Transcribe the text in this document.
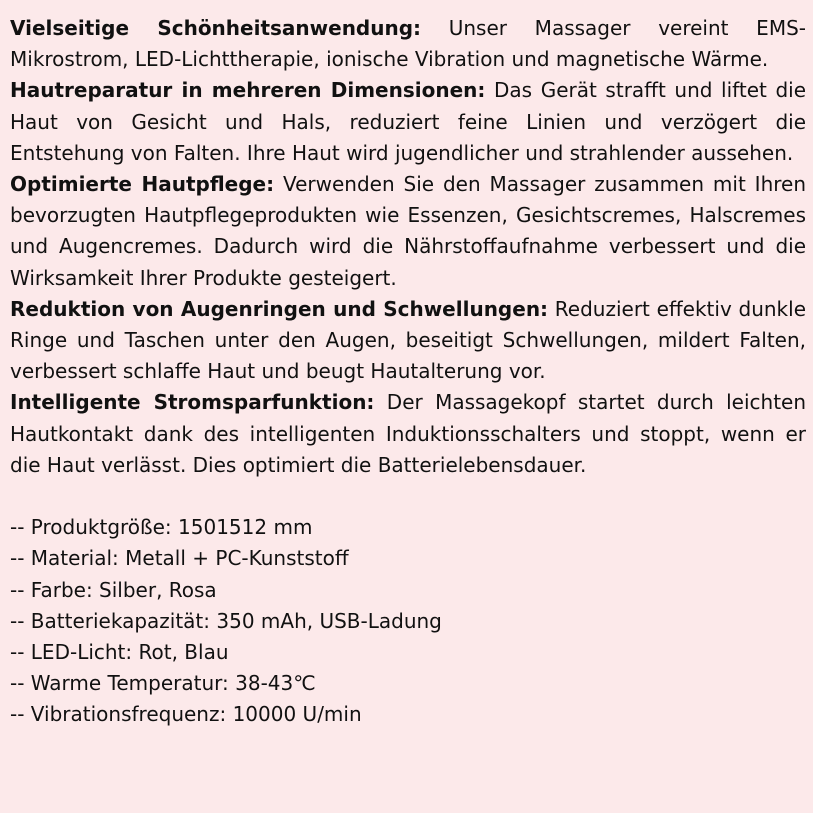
Vielseitige Schönheitsanwendung: Unser Massager vereint EMS-Mikrostrom, LED-Lichttherapie, ionische Vibration und magnetische Wärme.

Hautreparatur in mehreren Dimensionen: Das Gerät strafft und liftet die Haut von Gesicht und Hals, reduziert feine Linien und verzögert die Entstehung von Falten. Ihre Haut wird jugendlicher und strahlender aussehen.

Optimierte Hautpflege: Verwenden Sie den Massager zusammen mit Ihren bevorzugten Hautpflegeprodukten wie Essenzen, Gesichtscremes, Halscremes und Augencremes. Dadurch wird die Nährstoffaufnahme verbessert und die Wirksamkeit Ihrer Produkte gesteigert.

Reduktion von Augenringen und Schwellungen: Reduziert effektiv dunkle Ringe und Taschen unter den Augen, beseitigt Schwellungen, mildert Falten, verbessert schlaffe Haut und beugt Hautalterung vor.

Intelligente Stromsparfunktion: Der Massagekopf startet durch leichten Hautkontakt dank des intelligenten Induktionsschalters und stoppt, wenn er die Haut verlässt. Dies optimiert die Batterielebensdauer.

-- Produktgröße: 1501512 mm

-- Material: Metall + PC-Kunststoff

-- Farbe: Silber, Rosa

-- Batteriekapazität: 350 mAh, USB-Ladung

-- LED-Licht: Rot, Blau

-- Warme Temperatur: 38-43℃

-- Vibrationsfrequenz: 10000 U/min
